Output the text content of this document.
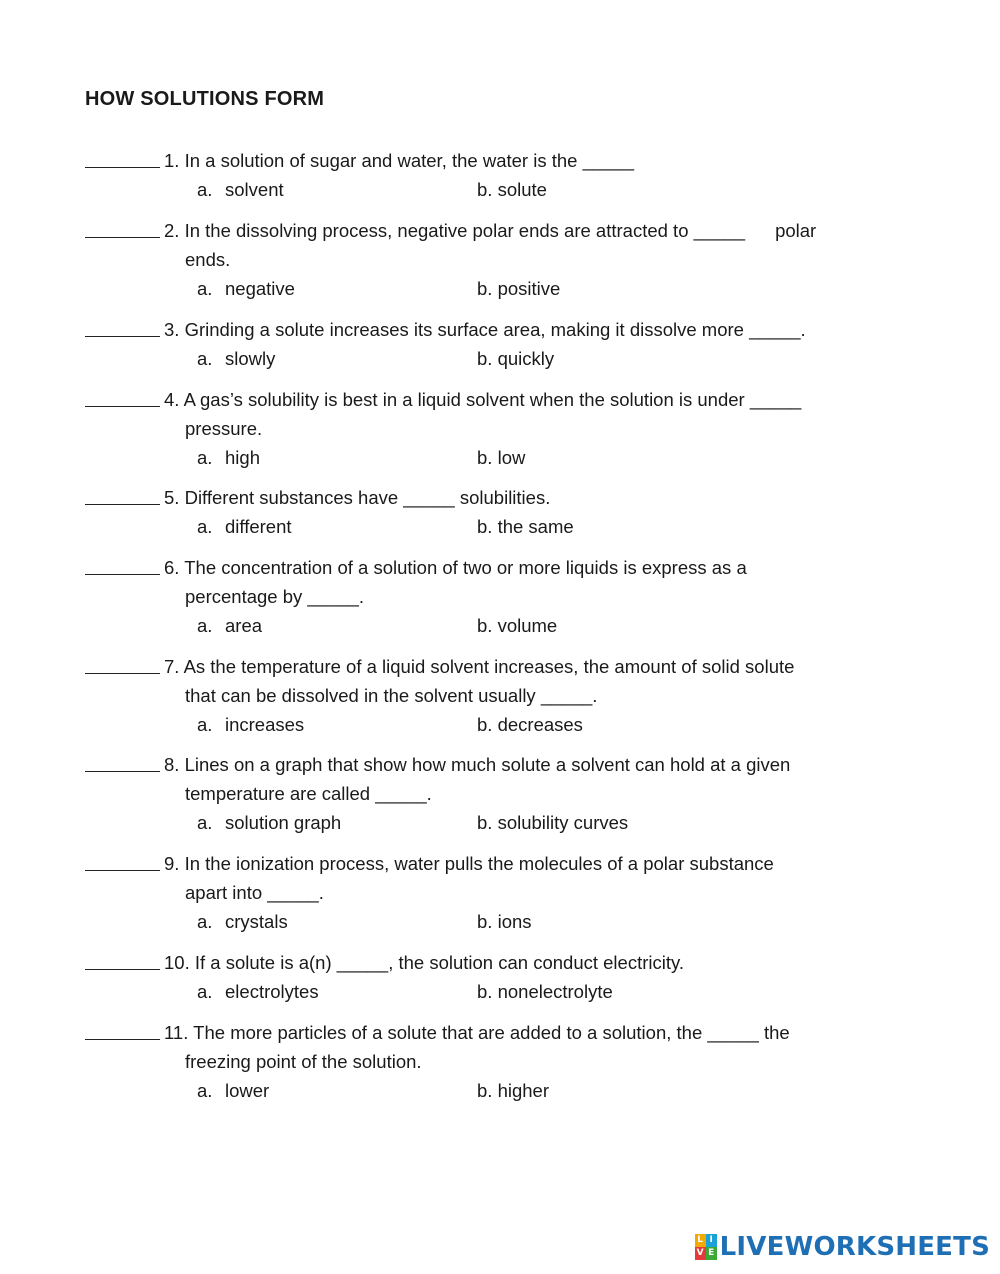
HOW SOLUTIONS FORM
1. In a solution of sugar and water, the water is the _____
a. solvent	b. solute
2. In the dissolving process, negative polar ends are attracted to _____ polar
ends.
a. negative	b. positive
3. Grinding a solute increases its surface area, making it dissolve more _____.
a. slowly	b. quickly
4. A gas’s solubility is best in a liquid solvent when the solution is under _____
pressure.
a. high	b. low
5. Different substances have _____ solubilities.
a. different	b. the same
6. The concentration of a solution of two or more liquids is express as a
percentage by _____.
a. area	b. volume
7. As the temperature of a liquid solvent increases, the amount of solid solute
that can be dissolved in the solvent usually _____.
a. increases	b. decreases
8. Lines on a graph that show how much solute a solvent can hold at a given
temperature are called _____.
a. solution graph	b. solubility curves
9. In the ionization process, water pulls the molecules of a polar substance
apart into _____.
a. crystals	b. ions
10. If a solute is a(n) _____, the solution can conduct electricity.
a. electrolytes	b. nonelectrolyte
11. The more particles of a solute that are added to a solution, the _____ the
freezing point of the solution.
a. lower	b. higher
L I
V E LIVEWORKSHEETS
